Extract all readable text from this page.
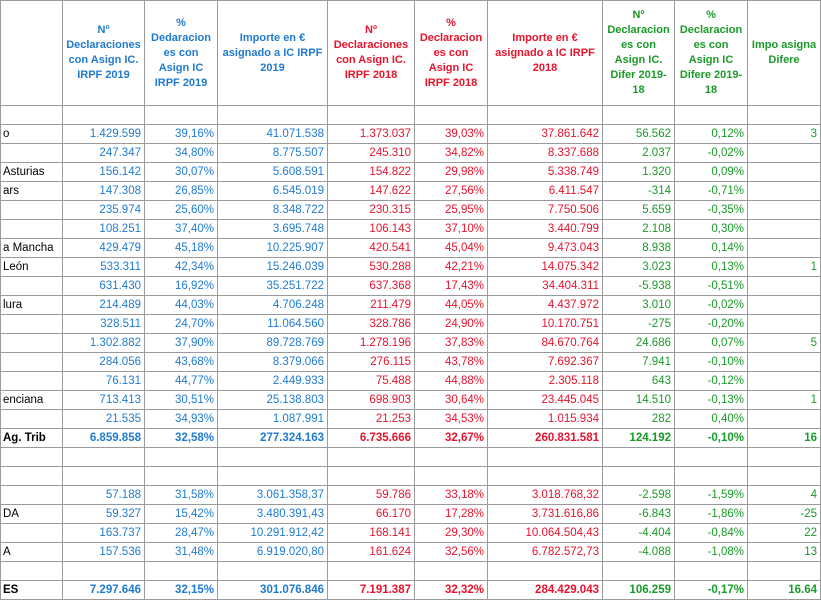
	Nº Declaraciones con Asign IC. IRPF 2019	% Dedaracion es con Asign IC IRPF 2019	Importe en € asignado a IC IRPF 2019	Nº Declaraciones con Asign IC. IRPF 2018	% Declaracion es con Asign IC IRPF 2018	Importe en € asignado a IC IRPF 2018	Nº Declaracion es con Asign IC. Difer 2019-18	% Declaracion es con Asign IC Difere 2019-18	Impo asigna Difere

o	1.429.599	39,16%	41.071.538	1.373.037	39,03%	37.861.642	56.562	0,12%	3
	247.347	34,80%	8.775.507	245.310	34,82%	8.337.688	2.037	-0,02%	
Asturias	156.142	30,07%	5.608.591	154.822	29,98%	5.338.749	1.320	0,09%	
ars	147.308	26,85%	6.545.019	147.622	27,56%	6.411.547	-314	-0,71%	
	235.974	25,60%	8.348.722	230.315	25,95%	7.750.506	5.659	-0,35%	
	108.251	37,40%	3.695.748	106.143	37,10%	3.440.799	2.108	0,30%	
a Mancha	429.479	45,18%	10.225.907	420.541	45,04%	9.473.043	8.938	0,14%	
León	533.311	42,34%	15.246.039	530.288	42,21%	14.075.342	3.023	0,13%	1
	631.430	16,92%	35.251.722	637.368	17,43%	34.404.311	-5.938	-0,51%	
lura	214.489	44,03%	4.706.248	211.479	44,05%	4.437.972	3.010	-0,02%	
	328.511	24,70%	11.064.560	328.786	24,90%	10.170.751	-275	-0,20%	
	1.302.882	37,90%	89.728.769	1.278.196	37,83%	84.670.764	24.686	0,07%	5
	284.056	43,68%	8.379.066	276.115	43,78%	7.692.367	7.941	-0,10%	
	76.131	44,77%	2.449.933	75.488	44,88%	2.305.118	643	-0,12%	
enciana	713.413	30,51%	25.138.803	698.903	30,64%	23.445.045	14.510	-0,13%	1
	21.535	34,93%	1.087.991	21.253	34,53%	1.015.934	282	0,40%	
Ag. Trib	6.859.858	32,58%	277.324.163	6.735.666	32,67%	260.831.581	124.192	-0,10%	16

	57.188	31,58%	3.061.358,37	59.786	33,18%	3.018.768,32	-2.598	-1,59%	4
DA	59.327	15,42%	3.480.391,43	66.170	17,28%	3.731.616,86	-6.843	-1,86%	-25
	163.737	28,47%	10.291.912,42	168.141	29,30%	10.064.504,43	-4.404	-0,84%	22
A	157.536	31,48%	6.919.020,80	161.624	32,56%	6.782.572,73	-4.088	-1,08%	13

ES	7.297.646	32,15%	301.076.846	7.191.387	32,32%	284.429.043	106.259	-0,17%	16.64
